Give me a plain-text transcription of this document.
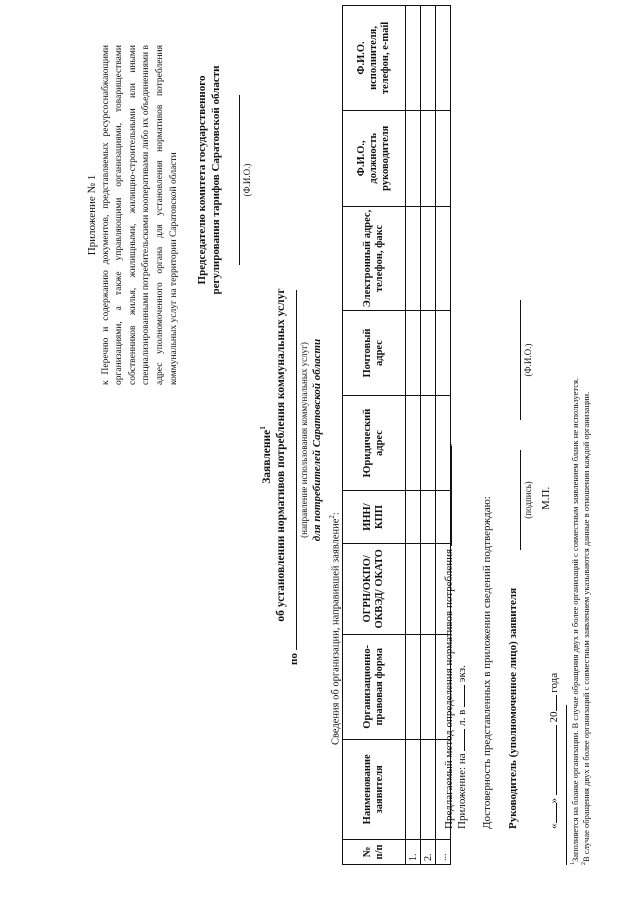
Приложение № 1 к Перечню и содержанию документов, представляемых ресурсоснабжающими организациями, а также управляющими организациями, товариществами собственников жилья, жилищными, жилищно-строительными или иными специализированными потребительскими кооперативами либо их объединениями в адрес уполномоченного органа для установления нормативов потребления коммунальных услуг на территории Саратовской области Председателю комитета государственного регулирования тарифов Саратовской области (Ф.И.О.)
Заявление$^1$ об установлении нормативов потребления коммунальных услуг
по
(направление использования коммунальных услуг) для потребителей Саратовской области
Сведения об организации, направившей заявление$^2$:
№ п/п	Наименование заявителя	Организационно-правовая форма	ОГРН/ОКПО/ ОКВЭД/ ОКАТО	ИНН/ КПП	Юридический адрес	Почтовый адрес	Электронный адрес, телефон, факс	Ф.И.О., должность руководителя	Ф.И.О. исполнителя, телефон, e-mail
1.									
2.									
...									
Предлагаемый метод определения нормативов потребления .
Приложение: на  л. в  экз. Достоверность представленных в приложении сведений подтверждаю: Руководитель (уполномоченное лицо) заявителя
(подпись)
(Ф.И.О.)
М.П.
«»  20 года
$^1$Заполняется на бланке организации. В случае обращения двух и более организаций с совместным заявлением бланк не используется.
$^2$В случае обращения двух и более организаций с совместным заявлением указываются данные в отношении каждой организации.
